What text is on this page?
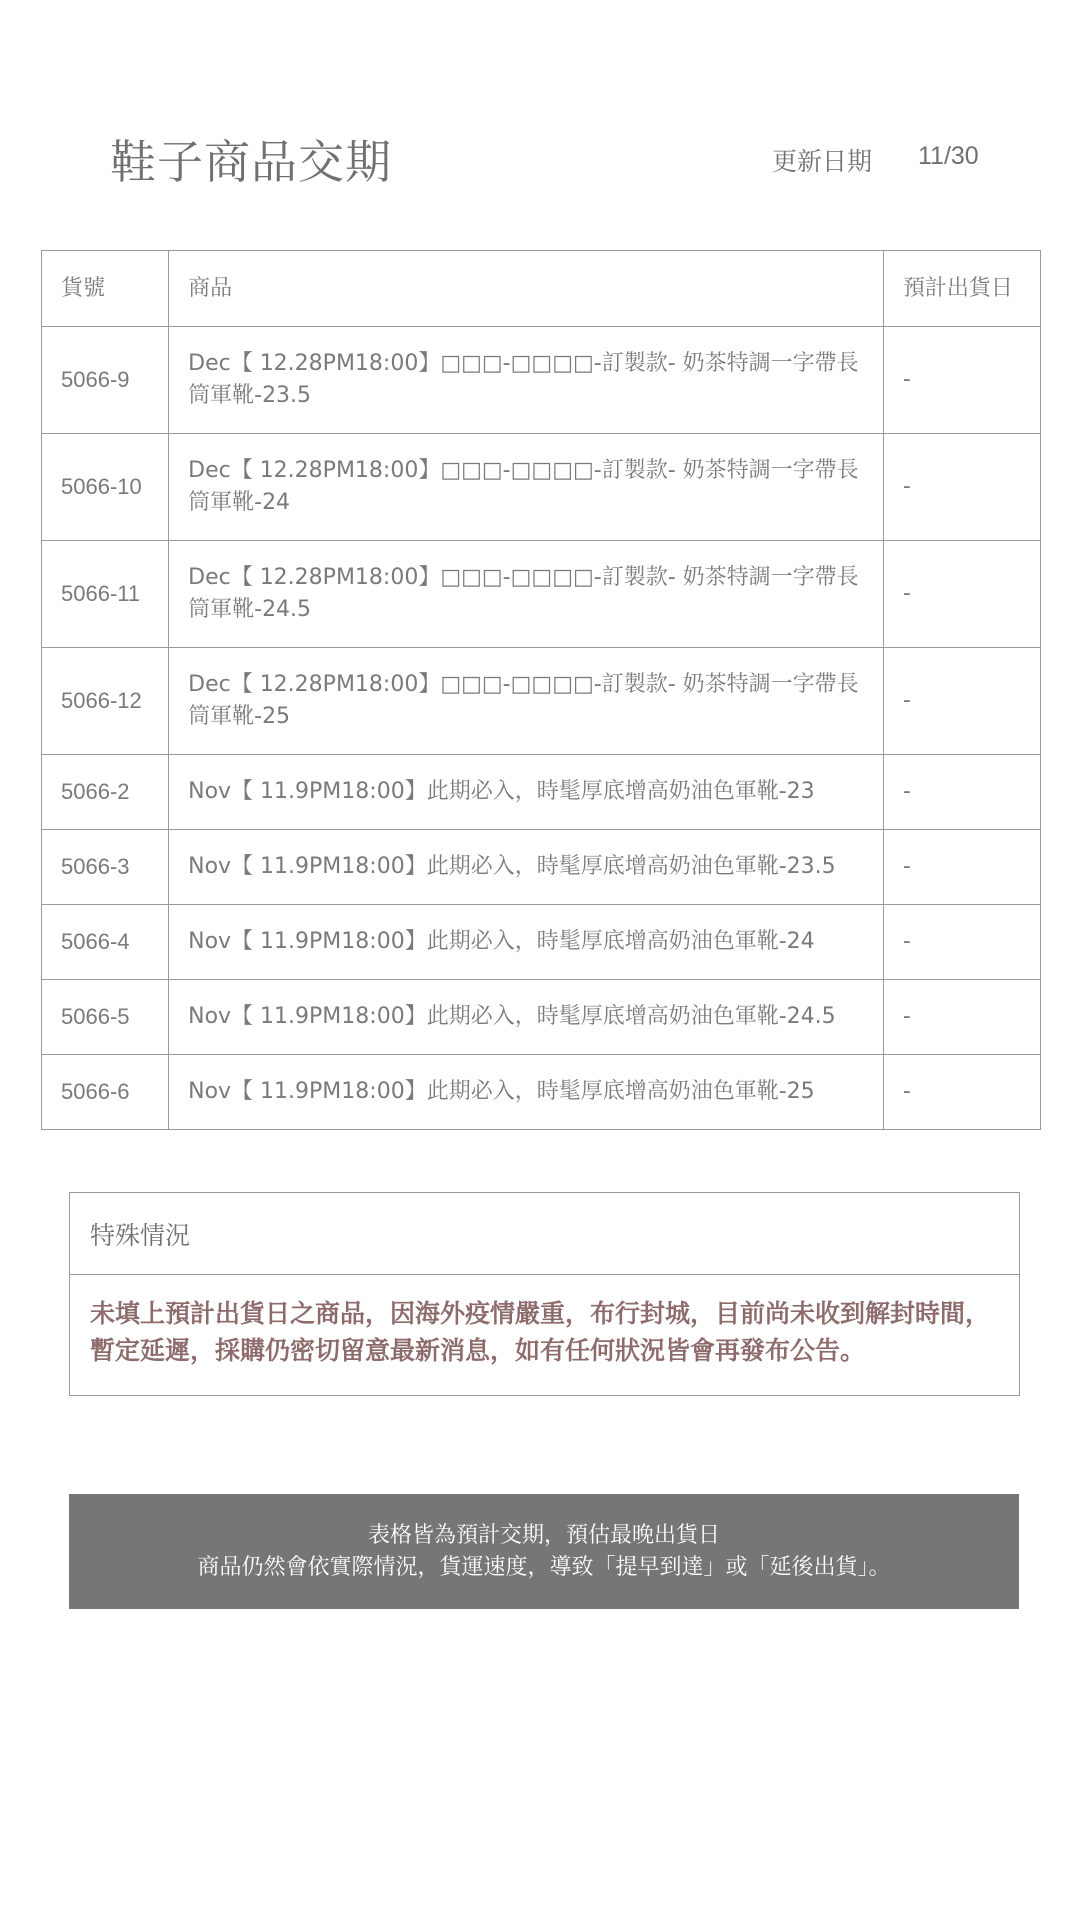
鞋子商品交期	更新日期 11/30
貨號	商品	預計出貨日
5066-9	Dec【 12.28PM18:00】□□□-□□□□-訂製款- 奶茶特調一字帶長筒軍靴-23.5	-
5066-10	Dec【 12.28PM18:00】□□□-□□□□-訂製款- 奶茶特調一字帶長筒軍靴-24	-
5066-11	Dec【 12.28PM18:00】□□□-□□□□-訂製款- 奶茶特調一字帶長筒軍靴-24.5	-
5066-12	Dec【 12.28PM18:00】□□□-□□□□-訂製款- 奶茶特調一字帶長筒軍靴-25	-
5066-2	Nov【 11.9PM18:00】此期必入，時髦厚底增高奶油色軍靴-23	-
5066-3	Nov【 11.9PM18:00】此期必入，時髦厚底增高奶油色軍靴-23.5	-
5066-4	Nov【 11.9PM18:00】此期必入，時髦厚底增高奶油色軍靴-24	-
5066-5	Nov【 11.9PM18:00】此期必入，時髦厚底增高奶油色軍靴-24.5	-
5066-6	Nov【 11.9PM18:00】此期必入，時髦厚底增高奶油色軍靴-25	-
特殊情況
未填上預計出貨日之商品，因海外疫情嚴重，布行封城，目前尚未收到解封時間，暫定延遲，採購仍密切留意最新消息，如有任何狀況皆會再發布公告。
表格皆為預計交期，預估最晚出貨日
商品仍然會依實際情況，貨運速度，導致「提早到達」或「延後出貨」。
